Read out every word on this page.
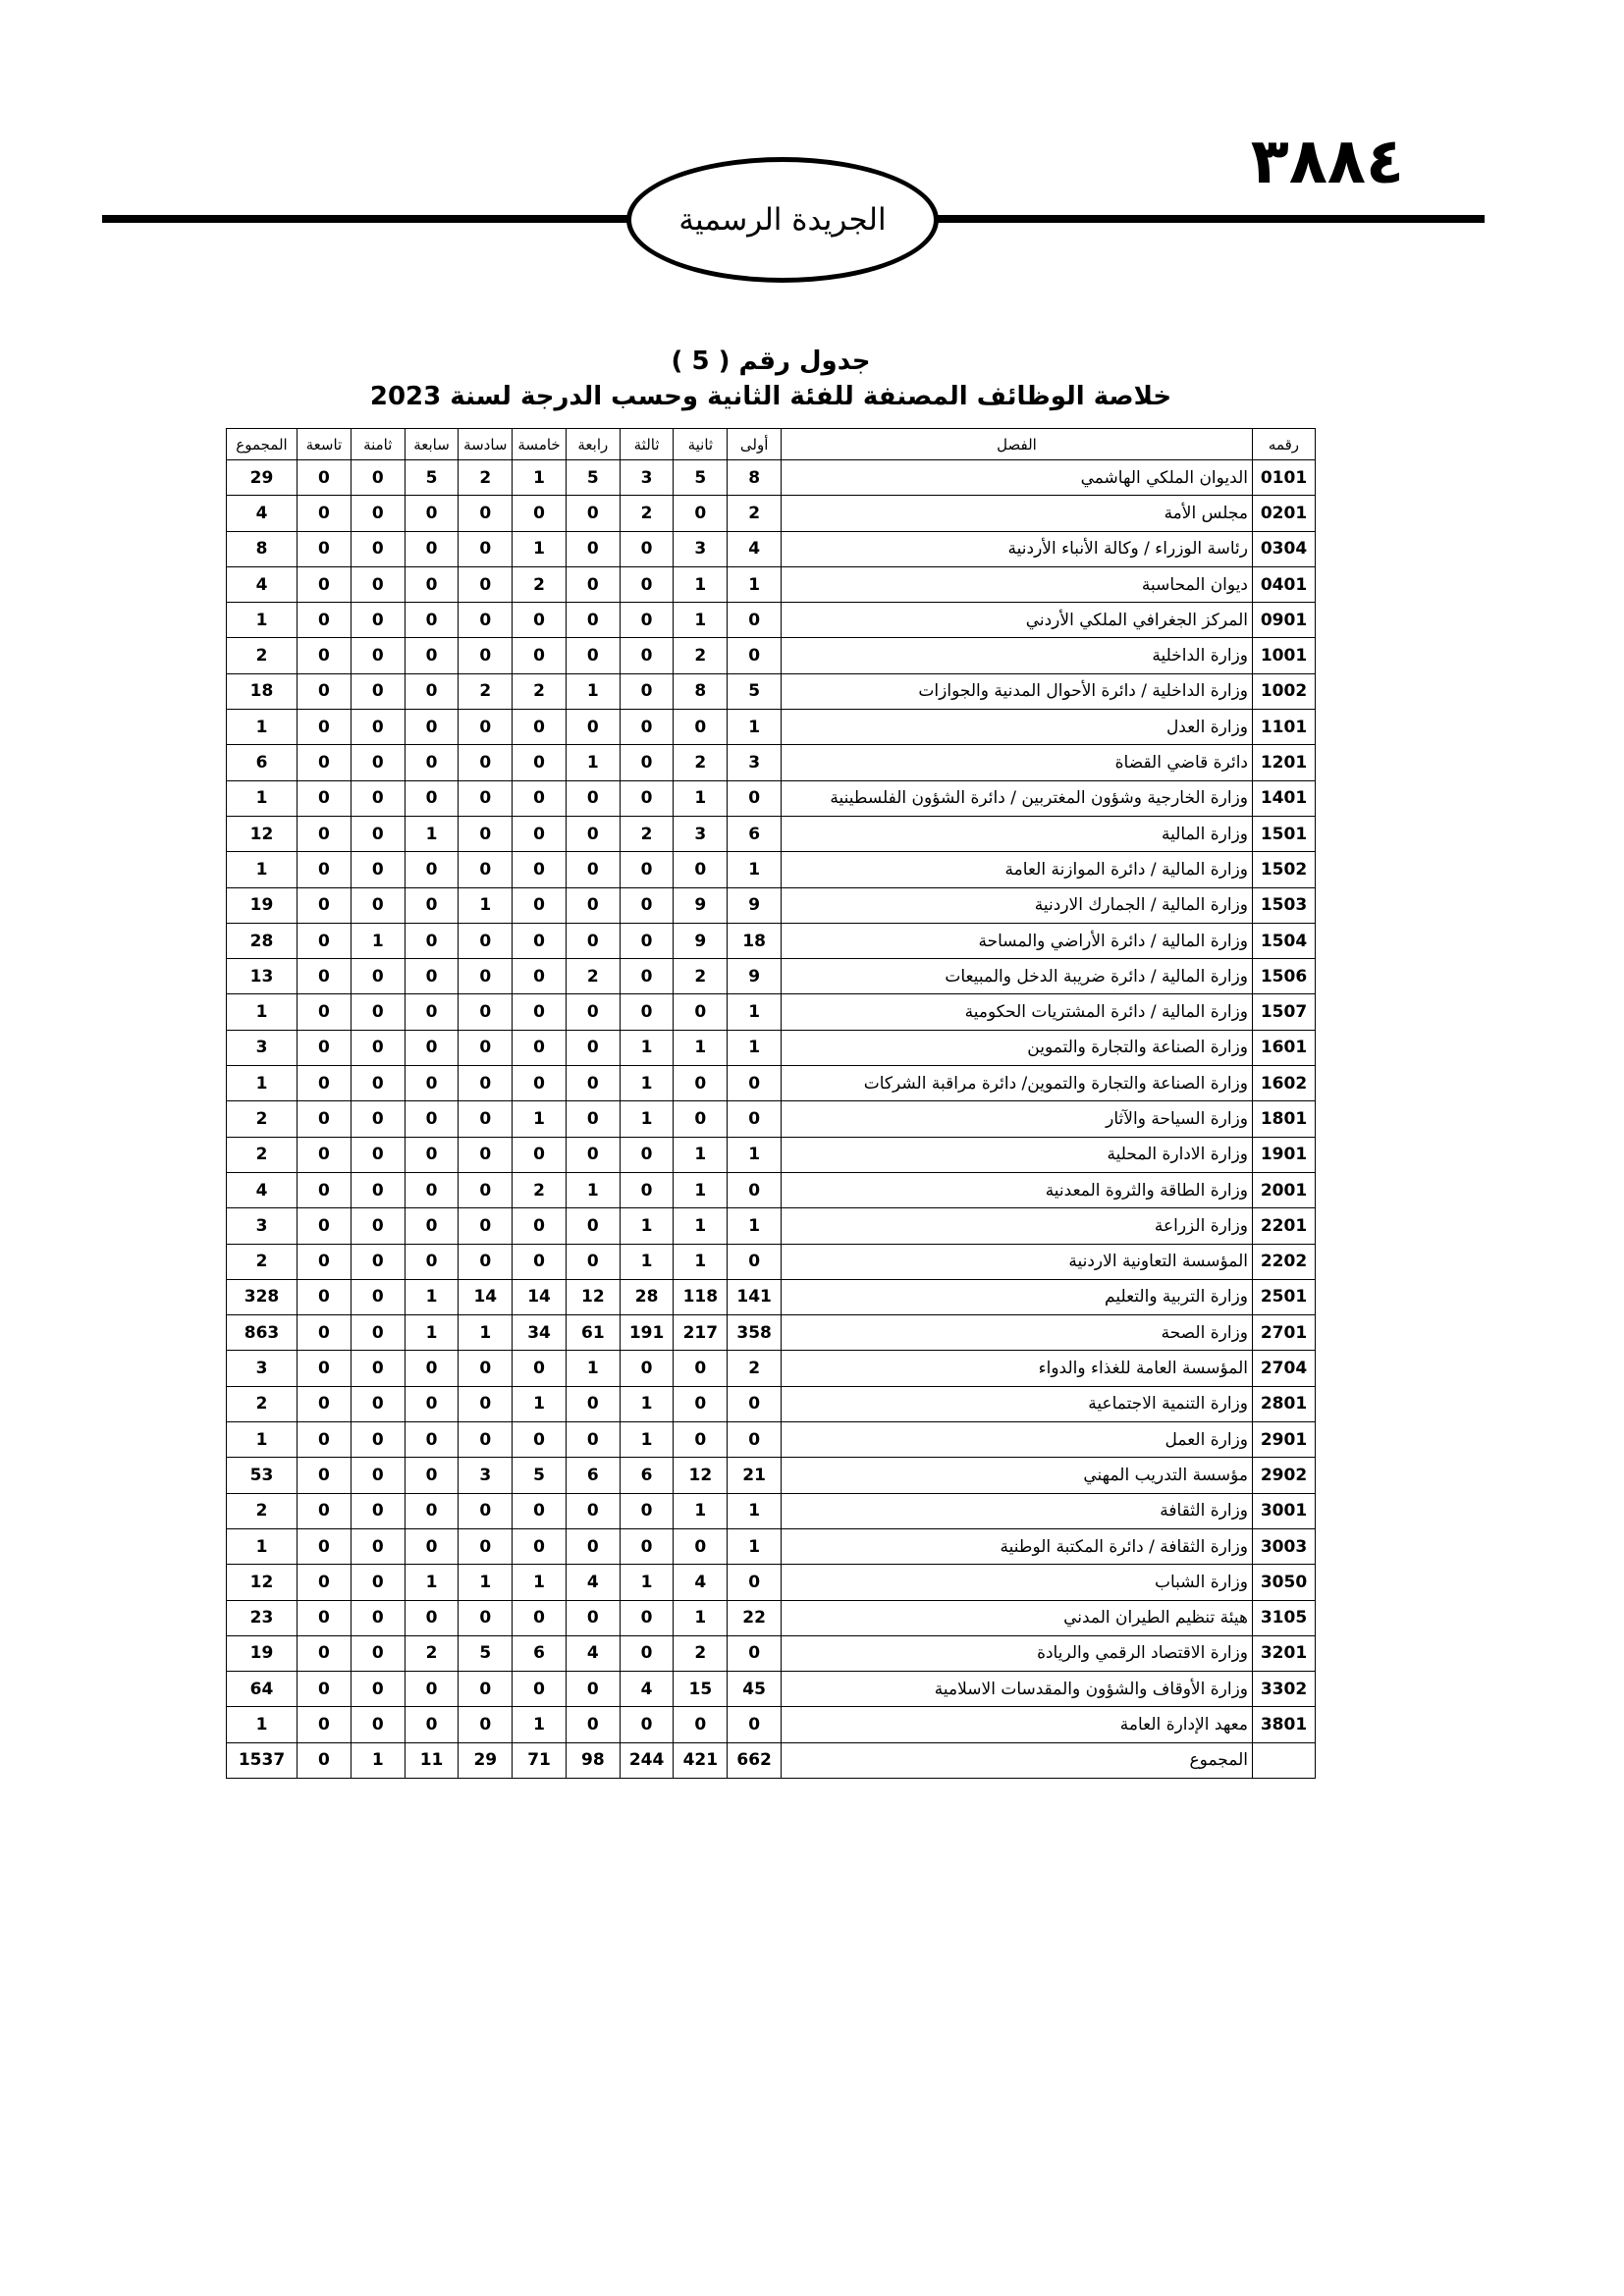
٣٨٨٤
الجريدة الرسمية
جدول رقم ( 5 )
خلاصة الوظائف المصنفة للفئة الثانية وحسب الدرجة لسنة 2023
رقمه	الفصل	أولى	ثانية	ثالثة	رابعة	خامسة	سادسة	سابعة	ثامنة	تاسعة	المجموع
0101	الديوان الملكي الهاشمي	8	5	3	5	1	2	5	0	0	29
0201	مجلس الأمة	2	0	2	0	0	0	0	0	0	4
0304	رئاسة الوزراء / وكالة الأنباء الأردنية	4	3	0	0	1	0	0	0	0	8
0401	ديوان المحاسبة	1	1	0	0	2	0	0	0	0	4
0901	المركز الجغرافي الملكي الأردني	0	1	0	0	0	0	0	0	0	1
1001	وزارة الداخلية	0	2	0	0	0	0	0	0	0	2
1002	وزارة الداخلية / دائرة الأحوال المدنية والجوازات	5	8	0	1	2	2	0	0	0	18
1101	وزارة العدل	1	0	0	0	0	0	0	0	0	1
1201	دائرة قاضي القضاة	3	2	0	1	0	0	0	0	0	6
1401	وزارة الخارجية وشؤون المغتربين / دائرة الشؤون الفلسطينية	0	1	0	0	0	0	0	0	0	1
1501	وزارة المالية	6	3	2	0	0	0	1	0	0	12
1502	وزارة المالية / دائرة الموازنة العامة	1	0	0	0	0	0	0	0	0	1
1503	وزارة المالية / الجمارك الاردنية	9	9	0	0	0	1	0	0	0	19
1504	وزارة المالية / دائرة الأراضي والمساحة	18	9	0	0	0	0	0	1	0	28
1506	وزارة المالية / دائرة ضريبة الدخل والمبيعات	9	2	0	2	0	0	0	0	0	13
1507	وزارة المالية / دائرة المشتريات الحكومية	1	0	0	0	0	0	0	0	0	1
1601	وزارة الصناعة والتجارة والتموين	1	1	1	0	0	0	0	0	0	3
1602	وزارة الصناعة والتجارة والتموين/ دائرة مراقبة الشركات	0	0	1	0	0	0	0	0	0	1
1801	وزارة السياحة والآثار	0	0	1	0	1	0	0	0	0	2
1901	وزارة الادارة المحلية	1	1	0	0	0	0	0	0	0	2
2001	وزارة الطاقة والثروة المعدنية	0	1	0	1	2	0	0	0	0	4
2201	وزارة الزراعة	1	1	1	0	0	0	0	0	0	3
2202	المؤسسة التعاونية الاردنية	0	1	1	0	0	0	0	0	0	2
2501	وزارة التربية والتعليم	141	118	28	12	14	14	1	0	0	328
2701	وزارة الصحة	358	217	191	61	34	1	1	0	0	863
2704	المؤسسة العامة للغذاء والدواء	2	0	0	1	0	0	0	0	0	3
2801	وزارة التنمية الاجتماعية	0	0	1	0	1	0	0	0	0	2
2901	وزارة العمل	0	0	1	0	0	0	0	0	0	1
2902	مؤسسة التدريب المهني	21	12	6	6	5	3	0	0	0	53
3001	وزارة الثقافة	1	1	0	0	0	0	0	0	0	2
3003	وزارة الثقافة / دائرة المكتبة الوطنية	1	0	0	0	0	0	0	0	0	1
3050	وزارة الشباب	0	4	1	4	1	1	1	0	0	12
3105	هيئة تنظيم الطيران المدني	22	1	0	0	0	0	0	0	0	23
3201	وزارة الاقتصاد الرقمي والريادة	0	2	0	4	6	5	2	0	0	19
3302	وزارة الأوقاف والشؤون والمقدسات الاسلامية	45	15	4	0	0	0	0	0	0	64
3801	معهد الإدارة العامة	0	0	0	0	1	0	0	0	0	1
	المجموع	662	421	244	98	71	29	11	1	0	1537
